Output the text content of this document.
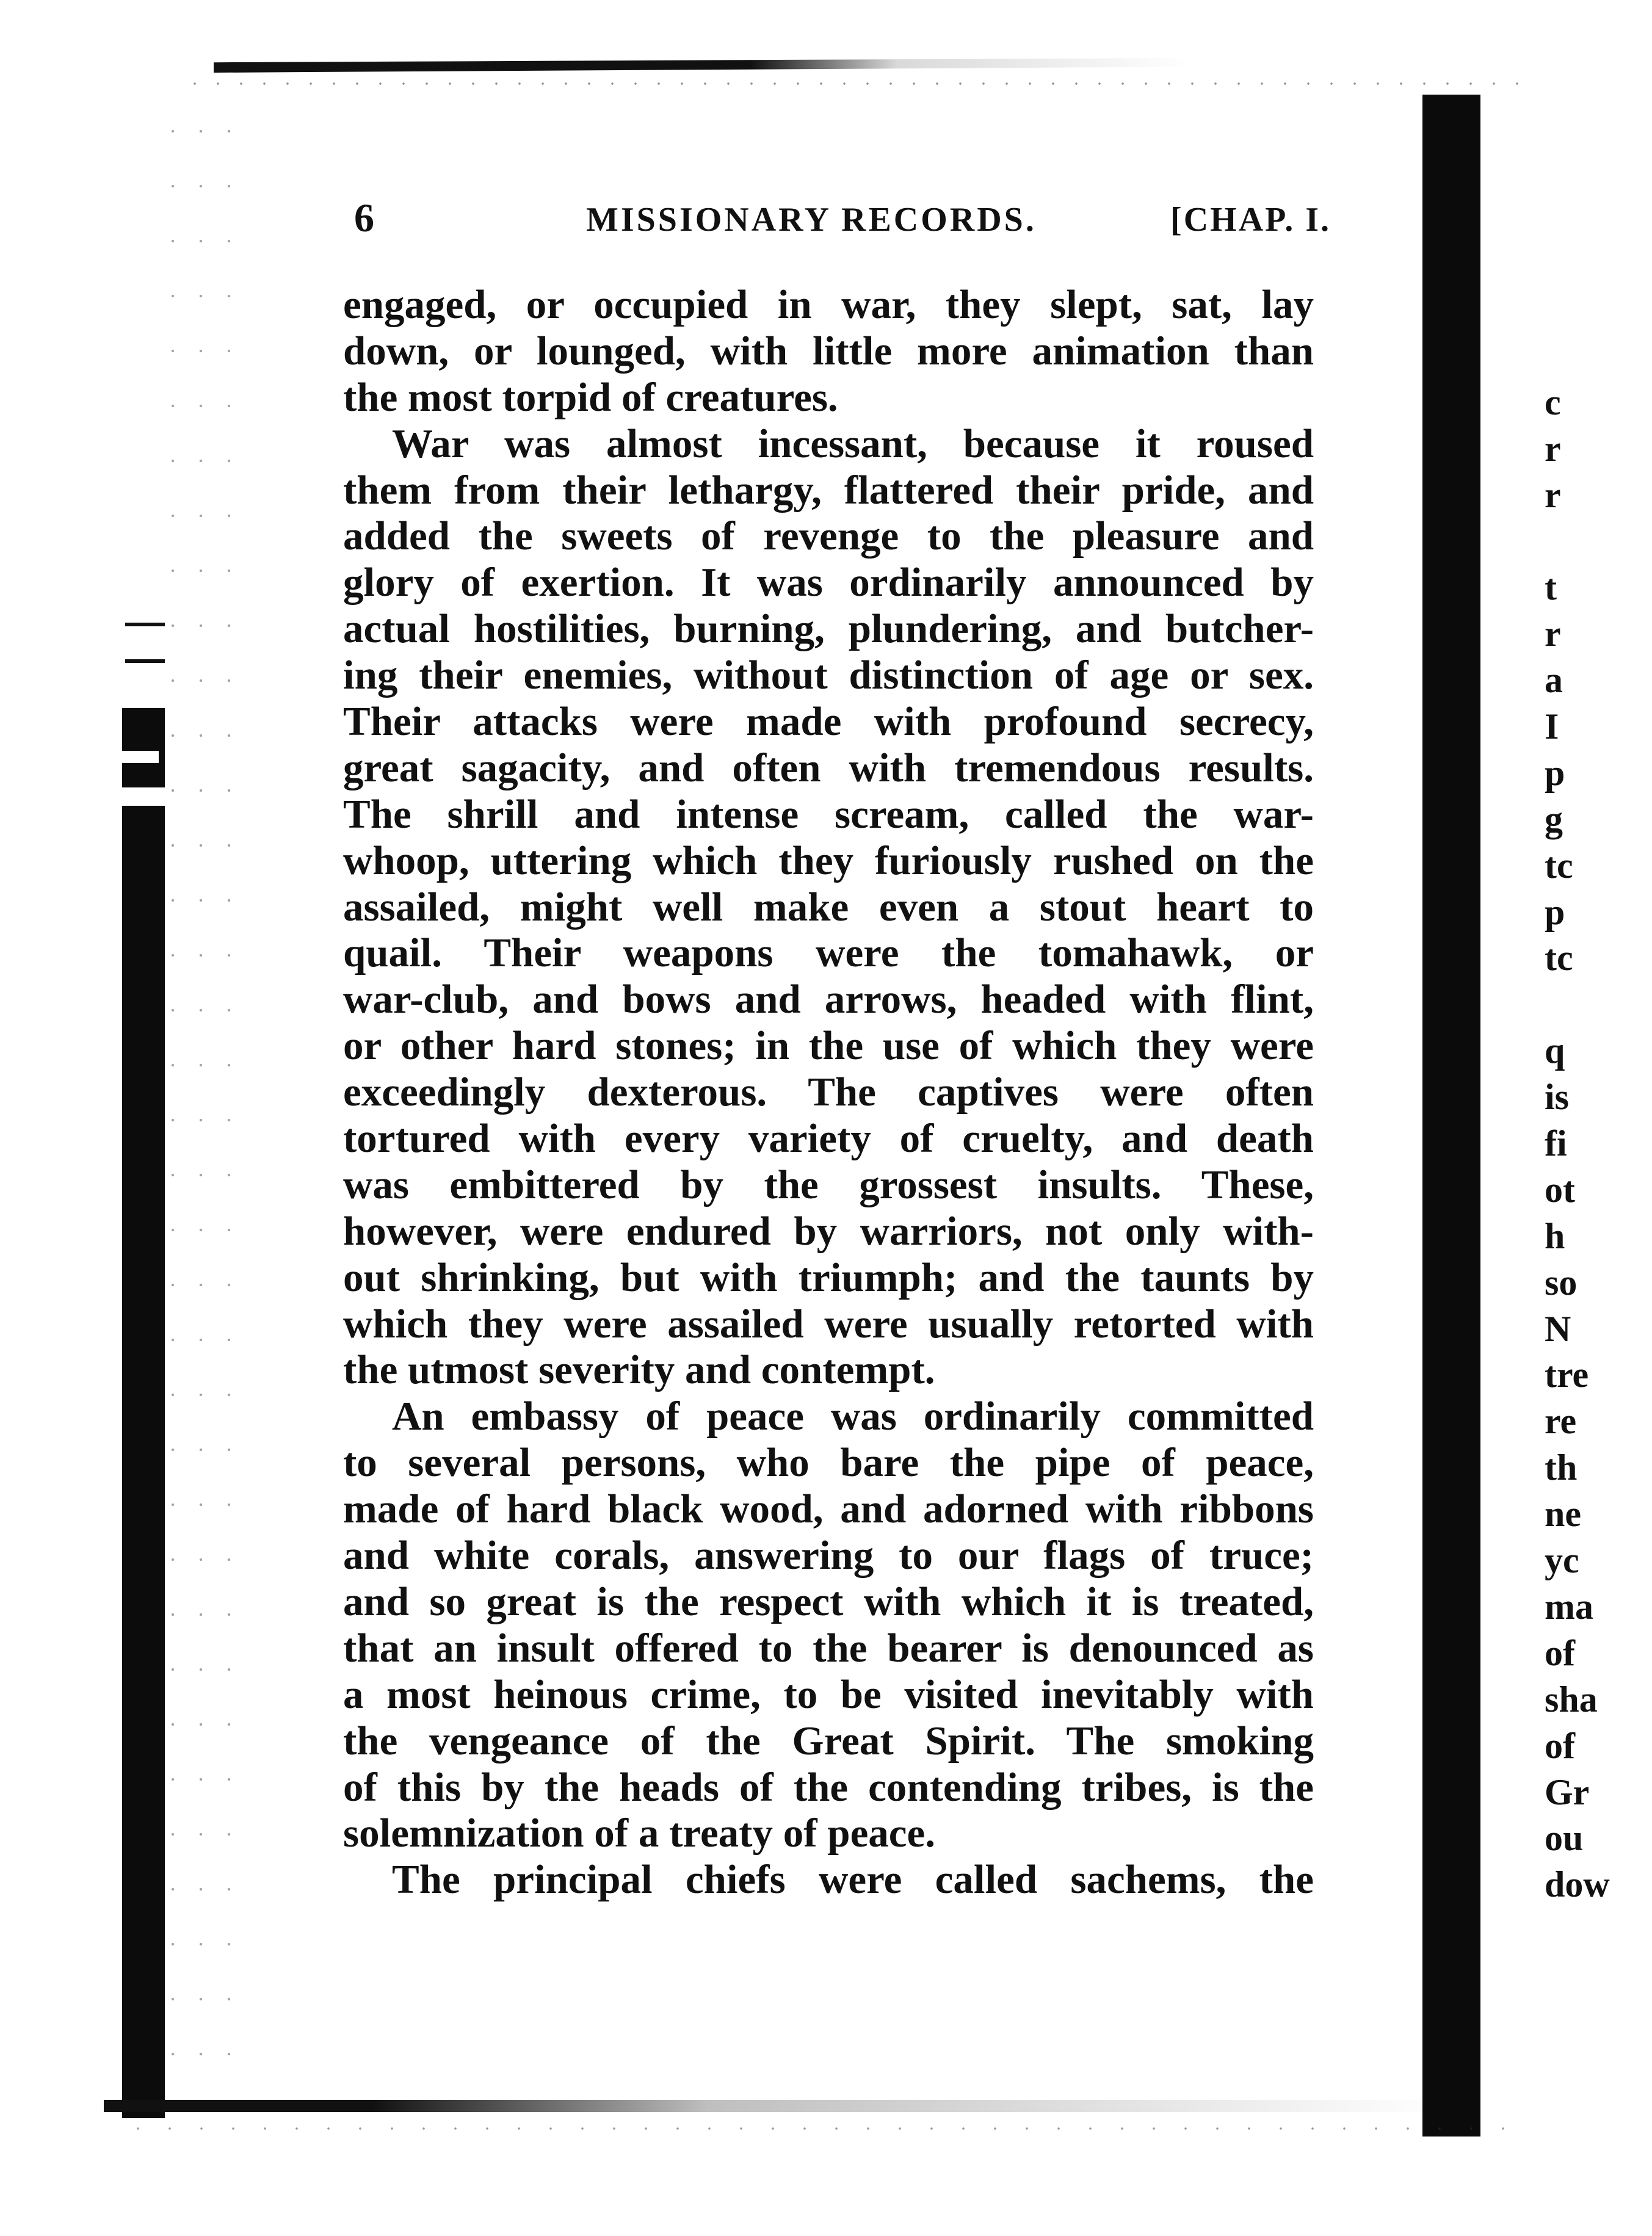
6	MISSIONARY RECORDS.	[CHAP. I.
engaged, or occupied in war, they slept, sat, lay
down, or lounged, with little more animation than
the most torpid of creatures.
War was almost incessant, because it roused
them from their lethargy, flattered their pride, and
added the sweets of revenge to the pleasure and
glory of exertion. It was ordinarily announced by
actual hostilities, burning, plundering, and butcher-
ing their enemies, without distinction of age or sex.
Their attacks were made with profound secrecy,
great sagacity, and often with tremendous results.
The shrill and intense scream, called the war-
whoop, uttering which they furiously rushed on the
assailed, might well make even a stout heart to
quail. Their weapons were the tomahawk, or
war-club, and bows and arrows, headed with flint,
or other hard stones; in the use of which they were
exceedingly dexterous. The captives were often
tortured with every variety of cruelty, and death
was embittered by the grossest insults. These,
however, were endured by warriors, not only with-
out shrinking, but with triumph; and the taunts by
which they were assailed were usually retorted with
the utmost severity and contempt.
An embassy of peace was ordinarily committed
to several persons, who bare the pipe of peace,
made of hard black wood, and adorned with ribbons
and white corals, answering to our flags of truce;
and so great is the respect with which it is treated,
that an insult offered to the bearer is denounced as
a most heinous crime, to be visited inevitably with
the vengeance of the Great Spirit. The smoking
of this by the heads of the contending tribes, is the
solemnization of a treaty of peace.
The principal chiefs were called sachems, the
c
r
r
t
r
a
I
p
g
tc
p
tc
q
is
fi
ot
h
so
N
tre
re
th
ne
yc
ma
of
sha
of
Gr
ou
dow
